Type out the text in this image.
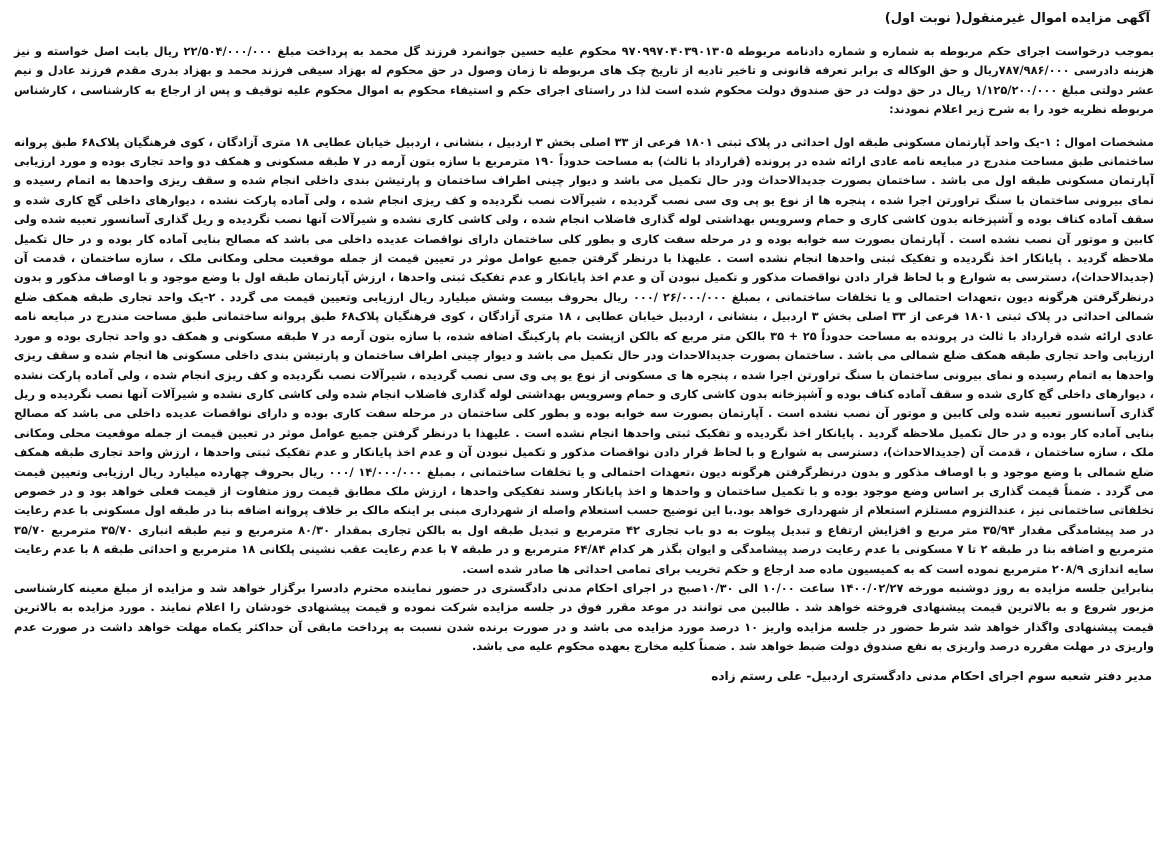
آگهی مزایده اموال غیرمنقول( نوبت اول)

بموجب درخواست اجرای حکم مربوطه به شماره و شماره دادنامه مربوطه ۹۷۰۹۹۷۰۴۰۳۹۰۱۳۰۵ محکوم علیه حسین جوانمرد فرزند گل محمد به پرداخت مبلغ ۲۲/۵۰۴/۰۰۰/۰۰۰ ریال بابت اصل خواسته و نیز هزینه دادرسی ۷۸۷/۹۸۶/۰۰۰ریال و حق الوکاله ی برابر تعرفه قانونی و تاخیر تادیه از تاریخ چک های مربوطه تا زمان وصول در حق محکوم له بهزاد سیفی فرزند محمد و بهزاد بدری مقدم فرزند عادل و نیم عشر دولتی مبلغ ۱/۱۲۵/۲۰۰/۰۰۰ ریال در حق دولت در حق صندوق دولت محکوم شده است لذا در راستای اجرای حکم و استیفاء محکوم به اموال محکوم علیه توقیف و پس از ارجاع به کارشناسی ، کارشناس مربوطه نظریه خود را به شرح زیر اعلام نمودند:

مشخصات اموال : ۱-یک واحد آپارتمان مسکونی طبقه اول احداثی در پلاک ثبتی ۱۸۰۱ فرعی از ۳۳ اصلی بخش ۳ اردبیل ، بنشانی ، اردبیل خیابان عطایی ۱۸ متری آزادگان ، کوی فرهنگیان پلاک۶۸ طبق پروانه ساختمانی طبق مساحت مندرج در مبایعه نامه عادی ارائه شده در پرونده (قرارداد با ثالث) به مساحت حدوداً ۱۹۰ مترمربع با سازه بتون آرمه در ۷ طبقه مسکونی و همکف دو واحد تجاری بوده و مورد ارزیابی آپارتمان مسکونی طبقه اول می باشد . ساختمان بصورت جدیدالاحداث ودر حال تکمیل می باشد و دیوار چینی اطراف ساختمان و پارتیشن بندی داخلی انجام شده و سقف ریزی واحدها به اتمام رسیده و نمای بیرونی ساختمان با سنگ تراورتن اجرا شده ، پنجره ها از نوع یو پی وی سی نصب گردیده ، شیرآلات نصب نگردیده و کف ریزی انجام شده ، ولی آماده پارکت نشده ، دیوارهای داخلی گچ کاری شده و سقف آماده کناف بوده و آشپزخانه بدون کاشی کاری و حمام وسرویس بهداشتی لوله گذاری فاضلاب انجام شده ، ولی کاشی کاری نشده و شیرآلات آنها نصب نگردیده و ریل گذاری آسانسور تعبیه شده ولی کابین و موتور آن نصب نشده است . آپارتمان بصورت سه خوابه بوده و در مرحله سفت کاری و بطور کلی ساختمان دارای نواقصات عدیده داخلی می باشد که مصالح بنایی آماده کار بوده و در حال تکمیل ملاحظه گردید . پایانکار اخذ نگردیده و تفکیک ثبتی واحدها انجام نشده است . علیهذا با درنظر گرفتن جمیع عوامل موثر در تعیین قیمت از جمله موقعیت محلی ومکانی ملک ، سازه ساختمان ، قدمت آن (جدیدالاحداث)، دسترسی به شوارع و با لحاظ قرار دادن نواقصات مذکور و تکمیل نبودن آن و عدم اخذ پایانکار و عدم تفکیک ثبتی واحدها ، ارزش آپارتمان طبقه اول با وضع موجود و با اوصاف مذکور و بدون درنظرگرفتن هرگونه دیون ،تعهدات احتمالی و یا تخلفات ساختمانی ، بمبلغ ۲۶/۰۰۰/۰۰۰ /۰۰۰ ریال بحروف بیست وشش میلیارد ریال ارزیابی وتعیین قیمت می گردد . ۲-یک واحد تجاری طبقه همکف ضلع شمالی احداثی در پلاک ثبتی ۱۸۰۱ فرعی از ۳۳ اصلی بخش ۳ اردبیل ، بنشانی ، اردبیل خیابان عطایی ، ۱۸ متری آزادگان ، کوی فرهنگیان پلاک۶۸ طبق پروانه ساختمانی طبق مساحت مندرج در مبایعه نامه عادی ارائه شده قرارداد با ثالث در پرونده به مساحت حدوداً ۲۵ + ۳۵ بالکن متر مربع که بالکن ازپشت بام پارکینگ اضافه شده، با سازه بتون آرمه در ۷ طبقه مسکونی و همکف دو واحد تجاری بوده و مورد ارزیابی واحد تجاری طبقه همکف ضلع شمالی می باشد . ساختمان بصورت جدیدالاحداث ودر حال تکمیل می باشد و دیوار چینی اطراف ساختمان و پارتیشن بندی داخلی مسکونی ها انجام شده و سقف ریزی واحدها به اتمام رسیده و نمای بیرونی ساختمان با سنگ تراورتن اجرا شده ، پنجره ها ی مسکونی از نوع یو پی وی سی نصب گردیده ، شیرآلات نصب نگردیده و کف ریزی انجام شده ، ولی آماده پارکت نشده ، دیوارهای داخلی گچ کاری شده و سقف آماده کناف بوده و آشپزخانه بدون کاشی کاری و حمام وسرویس بهداشتی لوله گذاری فاضلاب انجام شده ولی کاشی کاری نشده و شیرآلات آنها نصب نگردیده و ریل گذاری آسانسور تعبیه شده ولی کابین و موتور آن نصب نشده است . آپارتمان بصورت سه خوابه بوده و بطور کلی ساختمان در مرحله سفت کاری بوده و دارای نواقصات عدیده داخلی می باشد که مصالح بنایی آماده کار بوده و در حال تکمیل ملاحظه گردید . پایانکار اخذ نگردیده و تفکیک ثبتی واحدها انجام نشده است . علیهذا با درنظر گرفتن جمیع عوامل موثر در تعیین قیمت از جمله موقعیت محلی ومکانی ملک ، سازه ساختمان ، قدمت آن (جدیدالاحداث)، دسترسی به شوارع و با لحاظ قرار دادن نواقصات مذکور و تکمیل نبودن آن و عدم اخذ پایانکار و عدم تفکیک ثبتی واحدها ، ارزش واحد تجاری طبقه همکف ضلع شمالی با وضع موجود و با اوصاف مذکور و بدون درنظرگرفتن هرگونه دیون ،تعهدات احتمالی و یا تخلفات ساختمانی ، بمبلغ ۱۴/۰۰۰/۰۰۰ /۰۰۰ ریال بحروف چهارده میلیارد ریال ارزیابی وتعیین قیمت می گردد . ضمناً قیمت گذاری بر اساس وضع موجود بوده و با تکمیل ساختمان و واحدها و اخذ پایانکار وسند تفکیکی واحدها ، ارزش ملک مطابق قیمت روز متفاوت از قیمت فعلی خواهد بود و در خصوص تخلفاتی ساختمانی نیز ، عندالتزوم مستلزم استعلام از شهرداری خواهد بود.با این توضیح حسب استعلام واصله از شهرداری مبنی بر اینکه مالک بر خلاف پروانه اضافه بنا در طبقه اول مسکونی با عدم رعایت در صد پیشامدگی مقدار ۳۵/۹۴ متر مربع و افزایش ارتفاع و تبدیل پیلوت به دو باب تجاری ۴۲ مترمربع و تبدیل طبقه اول به بالکن تجاری بمقدار ۸۰/۳۰ مترمربع و نیم طبقه انباری ۳۵/۷۰ مترمربع ۳۵/۷۰ مترمربع و اضافه بنا در طبقه ۲ تا ۷ مسکونی با عدم رعایت درصد پیشامدگی و ایوان بگذر هر کدام ۶۴/۸۴ مترمربع و در طبقه ۷ با عدم رعایت عقب نشینی پلکانی ۱۸ مترمربع و احداثی طبقه ۸ با عدم رعایت سایه اندازی ۲۰۸/۹ مترمربع نموده است که به کمیسیون ماده صد ارجاع و حکم تخریب برای تمامی احداثی ها صادر شده است.

بنابراین جلسه مزایده به روز دوشنبه مورخه ۱۴۰۰/۰۲/۲۷ ساعت ۱۰/۰۰ الی ۱۰/۳۰صبح در اجرای احکام مدنی دادگستری در حضور نماینده محترم دادسرا برگزار خواهد شد و مزایده از مبلغ معینه کارشناسی مزبور شروع و به بالاترین قیمت پیشنهادی فروخته خواهد شد . طالبین می توانند در موعد مقرر فوق در جلسه مزایده شرکت نموده و قیمت پیشنهادی خودشان را اعلام نمایند . مورد مزایده به بالاترین قیمت پیشنهادی واگذار خواهد شد شرط حضور در جلسه مزایده واریز ۱۰ درصد مورد مزایده می باشد و در صورت برنده شدن نسبت به پرداخت مابقی آن حداکثر یکماه مهلت خواهد داشت در صورت عدم واریزی در مهلت مقرره درصد واریزی به نفع صندوق دولت ضبط خواهد شد . ضمناً کلیه مخارج بعهده محکوم علیه می باشد.

مدیر دفتر شعبه سوم اجرای احکام مدنی دادگستری اردبیل- علی رستم زاده
